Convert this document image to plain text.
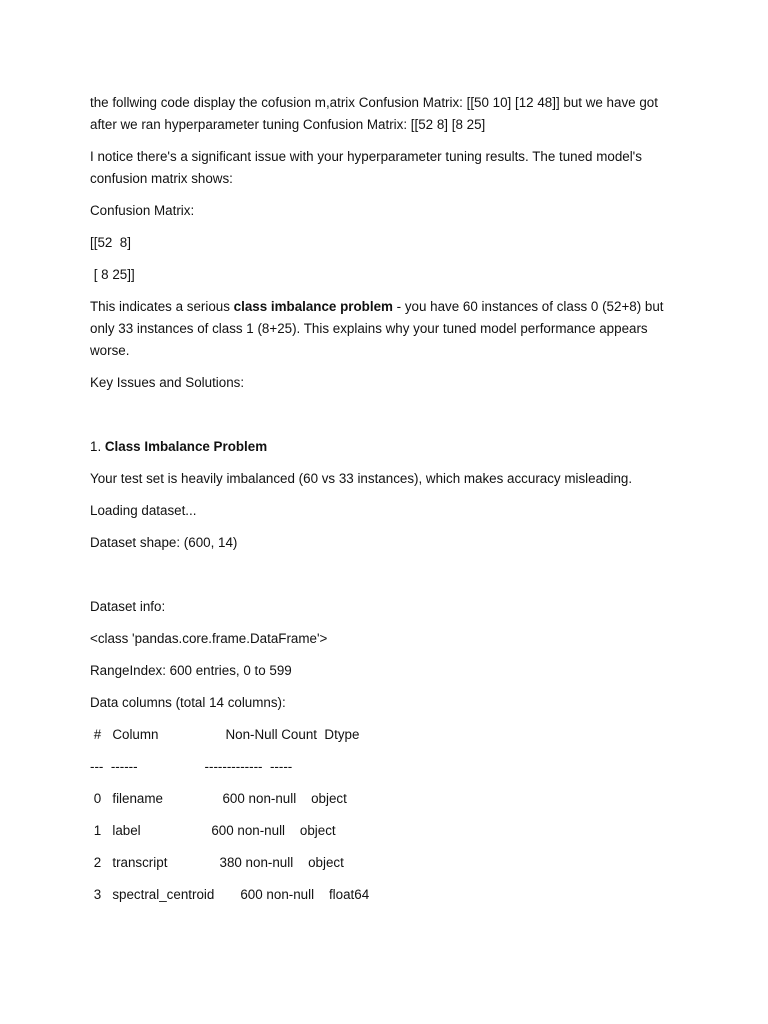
the follwing code display the cofusion m,atrix Confusion Matrix: [[50 10] [12 48]] but we have got after we ran hyperparameter tuning Confusion Matrix: [[52 8] [8 25]

I notice there's a significant issue with your hyperparameter tuning results. The tuned model's confusion matrix shows:

Confusion Matrix:

[[52  8]

[ 8 25]]

This indicates a serious class imbalance problem - you have 60 instances of class 0 (52+8) but only 33 instances of class 1 (8+25). This explains why your tuned model performance appears worse.

Key Issues and Solutions:

1. Class Imbalance Problem

Your test set is heavily imbalanced (60 vs 33 instances), which makes accuracy misleading.

Loading dataset...

Dataset shape: (600, 14)

Dataset info:

<class 'pandas.core.frame.DataFrame'>

RangeIndex: 600 entries, 0 to 599

Data columns (total 14 columns):

#   Column                  Non-Null Count  Dtype

---  ------                  -------------  -----

0   filename                600 non-null    object

1   label                   600 non-null    object

2   transcript              380 non-null    object

3   spectral_centroid       600 non-null    float64
